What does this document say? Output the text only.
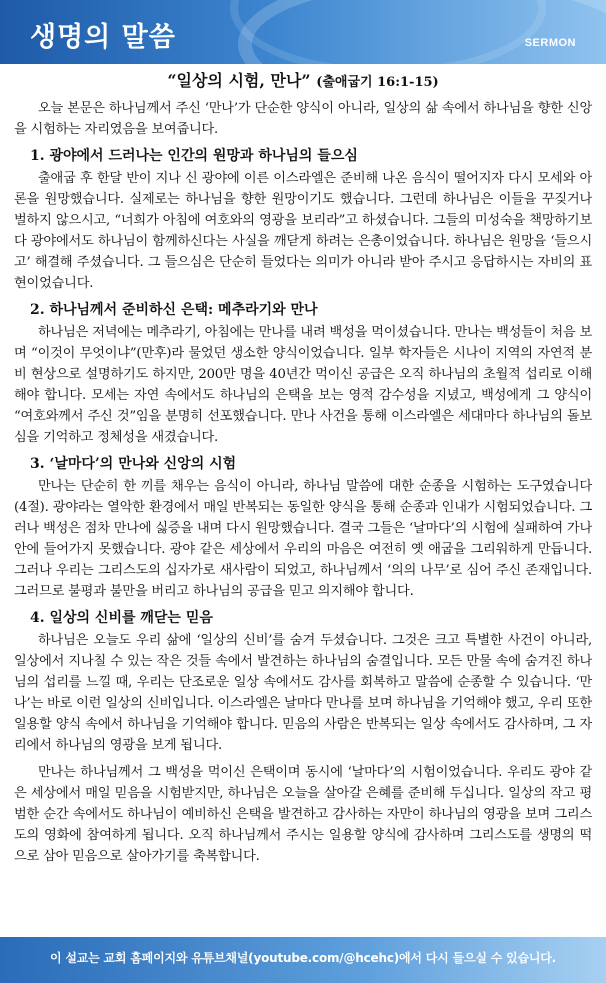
생명의 말씀	SERMON
“일상의 시험, 만나” (출애굽기 16:1-15)

오늘 본문은 하나님께서 주신 ‘만나’가 단순한 양식이 아니라, 일상의 삶 속에서 하나님을 향한 신앙을 시험하는 자리였음을 보여줍니다.

1. 광야에서 드러나는 인간의 원망과 하나님의 들으심

출애굽 후 한달 반이 지나 신 광야에 이른 이스라엘은 준비해 나온 음식이 떨어지자 다시 모세와 아론을 원망했습니다. 실제로는 하나님을 향한 원망이기도 했습니다. 그런데 하나님은 이들을 꾸짖거나 벌하지 않으시고, “너희가 아침에 여호와의 영광을 보리라”고 하셨습니다. 그들의 미성숙을 책망하기보다 광야에서도 하나님이 함께하신다는 사실을 깨닫게 하려는 은총이었습니다. 하나님은 원망을 ‘들으시고’ 해결해 주셨습니다. 그 들으심은 단순히 들었다는 의미가 아니라 받아 주시고 응답하시는 자비의 표현이었습니다.

2. 하나님께서 준비하신 은택: 메추라기와 만나

하나님은 저녁에는 메추라기, 아침에는 만나를 내려 백성을 먹이셨습니다. 만나는 백성들이 처음 보며 “이것이 무엇이냐”(만후)라 물었던 생소한 양식이었습니다. 일부 학자들은 시나이 지역의 자연적 분비 현상으로 설명하기도 하지만, 200만 명을 40년간 먹이신 공급은 오직 하나님의 초월적 섭리로 이해해야 합니다. 모세는 자연 속에서도 하나님의 은택을 보는 영적 감수성을 지녔고, 백성에게 그 양식이 “여호와께서 주신 것”임을 분명히 선포했습니다. 만나 사건을 통해 이스라엘은 세대마다 하나님의 돌보심을 기억하고 정체성을 새겼습니다.

3. ‘날마다’의 만나와 신앙의 시험

만나는 단순히 한 끼를 채우는 음식이 아니라, 하나님 말씀에 대한 순종을 시험하는 도구였습니다(4절). 광야라는 열악한 환경에서 매일 반복되는 동일한 양식을 통해 순종과 인내가 시험되었습니다. 그러나 백성은 점차 만나에 싫증을 내며 다시 원망했습니다. 결국 그들은 ‘날마다’의 시험에 실패하여 가나안에 들어가지 못했습니다. 광야 같은 세상에서 우리의 마음은 여전히 옛 애굽을 그리워하게 만듭니다. 그러나 우리는 그리스도의 십자가로 새사람이 되었고, 하나님께서 ‘의의 나무’로 심어 주신 존재입니다. 그러므로 불평과 불만을 버리고 하나님의 공급을 믿고 의지해야 합니다.

4. 일상의 신비를 깨닫는 믿음

하나님은 오늘도 우리 삶에 ‘일상의 신비’를 숨겨 두셨습니다. 그것은 크고 특별한 사건이 아니라, 일상에서 지나칠 수 있는 작은 것들 속에서 발견하는 하나님의 숨결입니다. 모든 만물 속에 숨겨진 하나님의 섭리를 느낄 때, 우리는 단조로운 일상 속에서도 감사를 회복하고 말씀에 순종할 수 있습니다. ‘만나’는 바로 이런 일상의 신비입니다. 이스라엘은 날마다 만나를 보며 하나님을 기억해야 했고, 우리 또한 일용할 양식 속에서 하나님을 기억해야 합니다. 믿음의 사람은 반복되는 일상 속에서도 감사하며, 그 자리에서 하나님의 영광을 보게 됩니다.

만나는 하나님께서 그 백성을 먹이신 은택이며 동시에 ‘날마다’의 시험이었습니다. 우리도 광야 같은 세상에서 매일 믿음을 시험받지만, 하나님은 오늘을 살아갈 은혜를 준비해 두십니다. 일상의 작고 평범한 순간 속에서도 하나님이 예비하신 은택을 발견하고 감사하는 자만이 하나님의 영광을 보며 그리스도의 영화에 참여하게 됩니다. 오직 하나님께서 주시는 일용할 양식에 감사하며 그리스도를 생명의 떡으로 삼아 믿음으로 살아가기를 축복합니다.

이 설교는 교회 홈페이지와 유튜브채널(youtube.com/@hcehc)에서 다시 들으실 수 있습니다.
